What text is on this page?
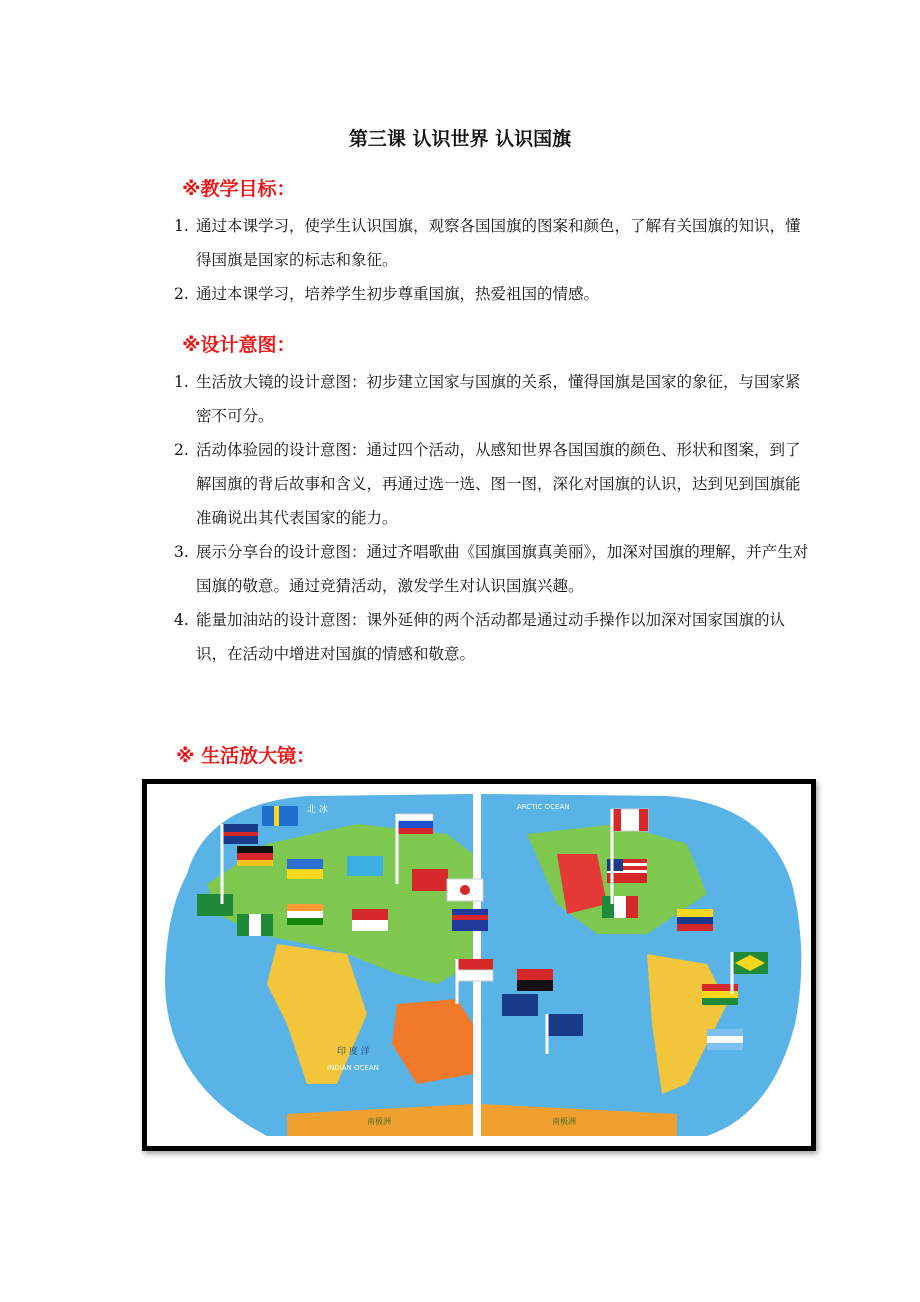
第三课 认识世界 认识国旗
※教学目标：
1. 通过本课学习，使学生认识国旗，观察各国国旗的图案和颜色，了解有关国旗的知识，懂得国旗是国家的标志和象征。
2. 通过本课学习，培养学生初步尊重国旗，热爱祖国的情感。
※设计意图：
1. 生活放大镜的设计意图：初步建立国家与国旗的关系，懂得国旗是国家的象征，与国家紧密不可分。
2. 活动体验园的设计意图：通过四个活动，从感知世界各国国旗的颜色、形状和图案，到了解国旗的背后故事和含义，再通过选一选、图一图，深化对国旗的认识，达到见到国旗能准确说出其代表国家的能力。
3. 展示分享台的设计意图：通过齐唱歌曲《国旗国旗真美丽》，加深对国旗的理解，并产生对国旗的敬意。通过竞猜活动，激发学生对认识国旗兴趣。
4. 能量加油站的设计意图：课外延伸的两个活动都是通过动手操作以加深对国家国旗的认识，在活动中增进对国旗的情感和敬意。
※ 生活放大镜：
北 冰	ARCTIC OCEAN
印 度 洋
INDIAN OCEAN
南极洲	南极洲
